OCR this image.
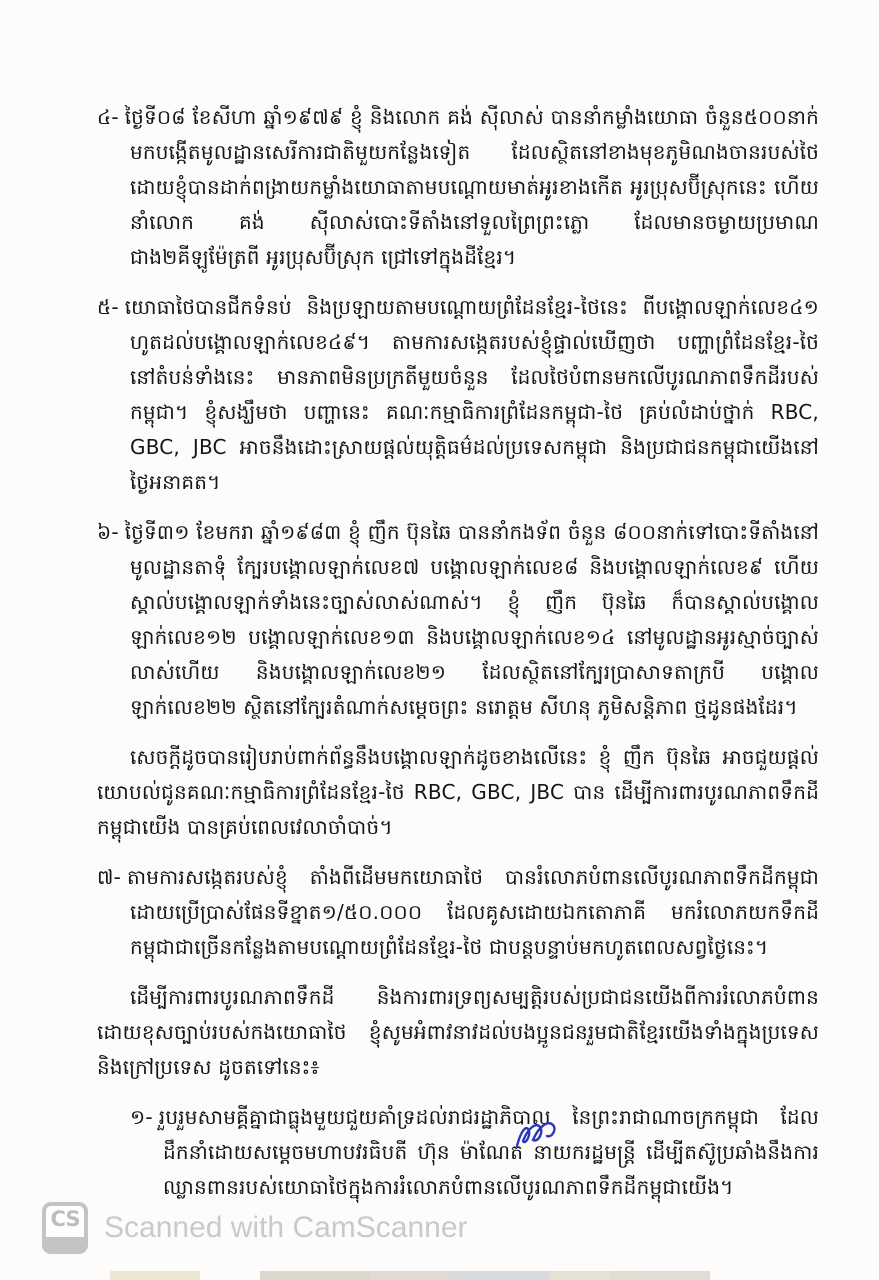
៤- ថ្ងៃទី០៨ ខែសីហា ឆ្នាំ១៩៧៩ ខ្ញុំ និងលោក គង់ ស៊ីលាស់ បាននាំកម្លាំងយោធា ចំនួន៥០០នាក់ មកបង្កើតមូលដ្ឋានសេរីការជាតិមួយកន្លែងទៀត ដែលស្ថិតនៅខាងមុខភូមិណងចានរបស់ថៃ ដោយខ្ញុំបានដាក់ពង្រាយកម្លាំងយោធាតាមបណ្ដោយមាត់អូរខាងកើត អូរប្រុសប៊ីស្រុកនេះ ហើយនាំលោក គង់ ស៊ីលាស់បោះទីតាំងនៅទួលព្រៃព្រះភ្លោ ដែលមានចម្ងាយប្រមាណជាង២គីឡូម៉ែត្រពី អូរប្រុសប៊ីស្រុក ជ្រៅទៅក្នុងដីខ្មែរ។

៥- យោធាថៃបានជីកទំនប់ និងប្រឡាយតាមបណ្ដោយព្រំដែនខ្មែរ-ថៃនេះ ពីបង្គោលឡាក់លេខ៤១ ហូតដល់បង្គោលឡាក់លេខ៤៩។ តាមការសង្កេតរបស់ខ្ញុំផ្ទាល់ឃើញថា បញ្ហាព្រំដែនខ្មែរ-ថៃ នៅតំបន់ទាំងនេះ មានភាពមិនប្រក្រតីមួយចំនួន ដែលថៃបំពានមកលើបូរណភាពទឹកដីរបស់កម្ពុជា។ ខ្ញុំសង្ឃឹមថា បញ្ហានេះ គណៈកម្មាធិការព្រំដែនកម្ពុជា-ថៃ គ្រប់លំដាប់ថ្នាក់ RBC, GBC, JBC អាចនឹងដោះស្រាយផ្ដល់យុត្តិធម៌ដល់ប្រទេសកម្ពុជា និងប្រជាជនកម្ពុជាយើងនៅថ្ងៃអនាគត។

៦- ថ្ងៃទី៣១ ខែមករា ឆ្នាំ១៩៨៣ ខ្ញុំ ញឹក ប៊ុនឆៃ បាននាំកងទ័ព ចំនួន ៨០០នាក់ទៅបោះទីតាំងនៅមូលដ្ឋានតាទុំ ក្បែរបង្គោលឡាក់លេខ៧ បង្គោលឡាក់លេខ៨ និងបង្គោលឡាក់លេខ៩ ហើយស្គាល់បង្គោលឡាក់ទាំងនេះច្បាស់លាស់ណាស់។ ខ្ញុំ ញឹក ប៊ុនឆៃ ក៏បានស្គាល់បង្គោលឡាក់លេខ១២ បង្គោលឡាក់លេខ១៣ និងបង្គោលឡាក់លេខ១៤ នៅមូលដ្ឋានអូរស្មាច់ច្បាស់លាស់ហើយ និងបង្គោលឡាក់លេខ២១ ដែលស្ថិតនៅក្បែរប្រាសាទតាក្របី បង្គោលឡាក់លេខ២២ ស្ថិតនៅក្បែរតំណាក់សម្ដេចព្រះ នរោត្ដម សីហនុ ភូមិសន្តិភាព ថ្មដូនផងដែរ។

សេចក្ដីដូចបានរៀបរាប់ពាក់ព័ន្ធនឹងបង្គោលឡាក់ដូចខាងលើនេះ ខ្ញុំ ញឹក ប៊ុនឆៃ អាចជួយផ្ដល់យោបល់ជូនគណៈកម្មាធិការព្រំដែនខ្មែរ-ថៃ RBC, GBC, JBC បាន ដើម្បីការពារបូរណភាពទឹកដីកម្ពុជាយើង បានគ្រប់ពេលវេលាចាំបាច់។

៧- តាមការសង្កេតរបស់ខ្ញុំ តាំងពីដើមមកយោធាថៃ បានរំលោភបំពានលើបូរណភាពទឹកដីកម្ពុជា ដោយប្រើប្រាស់ផែនទីខ្នាត១/៥០.០០០ ដែលគូសដោយឯកតោភាគី មករំលោភយកទឹកដីកម្ពុជាជាច្រើនកន្លែងតាមបណ្ដោយព្រំដែនខ្មែរ-ថៃ ជាបន្តបន្ទាប់មកហូតពេលសព្វថ្ងៃនេះ។

ដើម្បីការពារបូរណភាពទឹកដី និងការពារទ្រព្យសម្បត្តិរបស់ប្រជាជនយើងពីការរំលោភបំពាន ដោយខុសច្បាប់របស់កងយោធាថៃ ខ្ញុំសូមអំពាវនាវដល់បងប្អូនជនរួមជាតិខ្មែរយើងទាំងក្នុងប្រទេស និងក្រៅប្រទេស ដូចតទៅនេះ៖

១- រួបរួមសាមគ្គីគ្នាជាធ្លុងមួយជួយគាំទ្រដល់រាជរដ្ឋាភិបាល នៃព្រះរាជាណាចក្រកម្ពុជា ដែលដឹកនាំដោយសម្ដេចមហាបវរធិបតី ហ៊ុន ម៉ាណែត នាយករដ្ឋមន្ត្រី ដើម្បីតស៊ូប្រឆាំងនឹងការឈ្លានពានរបស់យោធាថៃក្នុងការរំលោភបំពានលើបូរណភាពទឹកដីកម្ពុជាយើង។

CS Scanned with CamScanner
